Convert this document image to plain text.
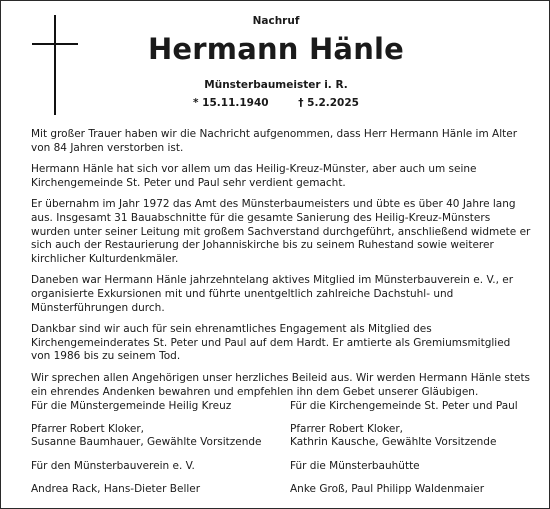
Nachruf
Hermann Hänle
Münsterbaumeister i. R.
* 15.11.1940	† 5.2.2025

Mit großer Trauer haben wir die Nachricht aufgenommen, dass Herr Hermann Hänle im Alter von 84 Jahren verstorben ist.

Hermann Hänle hat sich vor allem um das Heilig-Kreuz-Münster, aber auch um seine Kirchengemeinde St. Peter und Paul sehr verdient gemacht.

Er übernahm im Jahr 1972 das Amt des Münsterbaumeisters und übte es über 40 Jahre lang aus. Insgesamt 31 Bauabschnitte für die gesamte Sanierung des Heilig-Kreuz-Münsters wurden unter seiner Leitung mit großem Sachverstand durchgeführt, anschließend widmete er sich auch der Restaurierung der Johanniskirche bis zu seinem Ruhestand sowie weiterer kirchlicher Kulturdenkmäler.

Daneben war Hermann Hänle jahrzehntelang aktives Mitglied im Münsterbauverein e. V., er organisierte Exkursionen mit und führte unentgeltlich zahlreiche Dachstuhl- und Münsterführungen durch.

Dankbar sind wir auch für sein ehrenamtliches Engagement als Mitglied des Kirchengemeinderates St. Peter und Paul auf dem Hardt. Er amtierte als Gremiumsmitglied von 1986 bis zu seinem Tod.

Wir sprechen allen Angehörigen unser herzliches Beileid aus. Wir werden Hermann Hänle stets ein ehrendes Andenken bewahren und empfehlen ihn dem Gebet unserer Gläubigen.

Für die Münstergemeinde Heilig Kreuz
Pfarrer Robert Kloker,
Susanne Baumhauer, Gewählte Vorsitzende
Für die Kirchengemeinde St. Peter und Paul
Pfarrer Robert Kloker,
Kathrin Kausche, Gewählte Vorsitzende
Für den Münsterbauverein e. V.
Andrea Rack, Hans-Dieter Beller
Für die Münsterbauhütte
Anke Groß, Paul Philipp Waldenmaier
